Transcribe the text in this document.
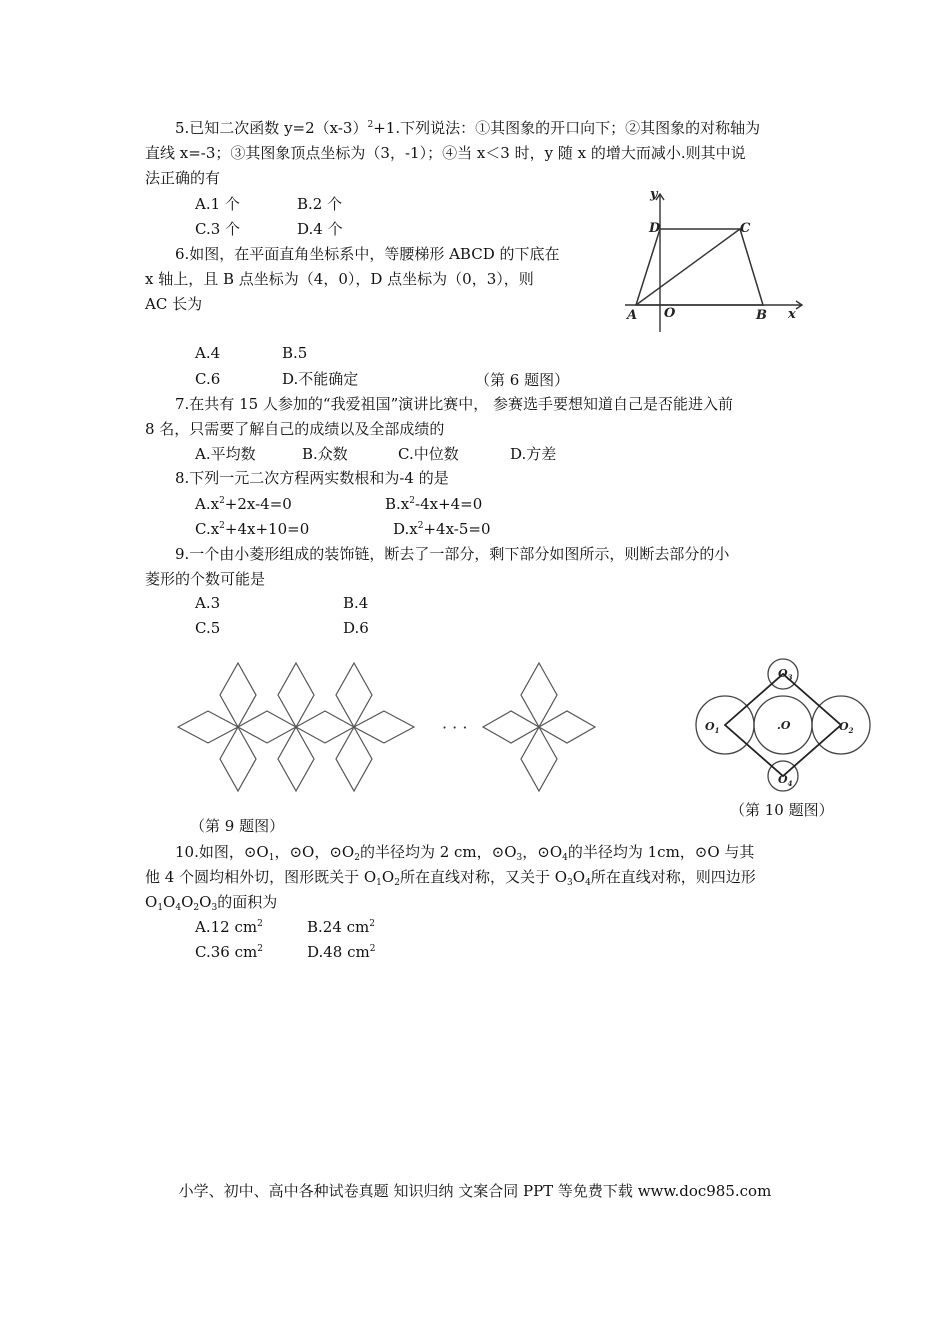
5.已知二次函数 $y=2(x-3)^2+1$.下列说法：①其图象的开口向下；②其图象的对称轴为
直线 x=-3；③其图象顶点坐标为（3，-1）；④当 x＜3 时，y 随 x 的增大而减小.则其中说
法正确的有
A.1 个	B.2 个
C.3 个	D.4 个
6.如图，在平面直角坐标系中，等腰梯形 ABCD 的下底在
x 轴上，且 B 点坐标为（4，0），D 点坐标为（0，3），则
AC 长为
A.4	B.5
C.6	D.不能确定	（第 6 题图）
y
x
D	C
A O	B
7.在共有 15 人参加的“我爱祖国”演讲比赛中， 参赛选手要想知道自己是否能进入前
8 名，只需要了解自己的成绩以及全部成绩的
A.平均数	B.众数	C.中位数	D.方差
8.下列一元二次方程两实数根和为-4 的是
$A.x^2+2x-4=0$	$B.x^2-4x+4=0$
$C.x^2+4x+10=0$	$D.x^2+4x-5=0$
9.一个由小菱形组成的装饰链，断去了一部分，剩下部分如图所示，则断去部分的小
菱形的个数可能是
A.3	B.4
C.5	D.6
· · ·
（第 9 题图）
$O_1$	$O_2$
$O_3$
$O_4$
.O
（第 10 题图）
10.如图，$⊙O_1$，⊙O，$⊙O_2$的半径均为 2 cm，$⊙O_3$，$⊙O_4$的半径均为 1cm，⊙O 与其
他 4 个圆均相外切，图形既关于 $O_1O_2$所在直线对称，又关于 $O_3O_4$所在直线对称，则四边形
$O_1O_4O_2O_3$的面积为
A.12 $cm^2$	B.24 $cm^2$
C.36 $cm^2$	D.48 $cm^2$
小学、初中、高中各种试卷真题 知识归纳 文案合同 PPT 等免费下载 www.doc985.com
